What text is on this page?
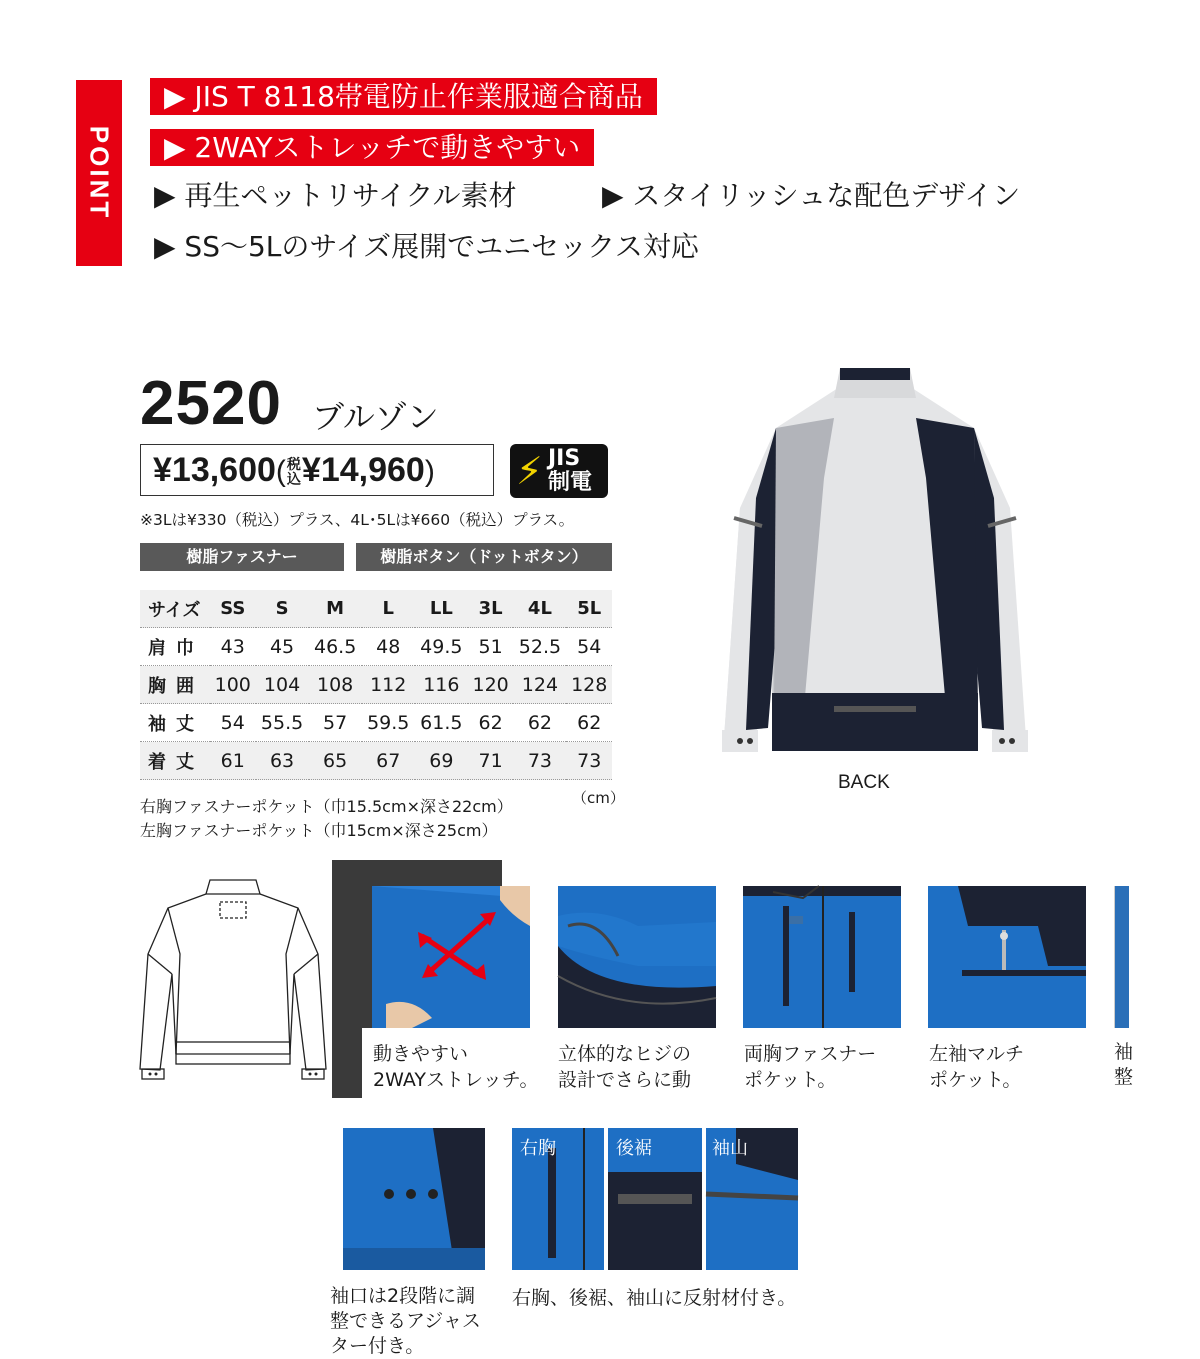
POINT
▶ JIS T 8118帯電防止作業服適合商品
▶ 2WAYストレッチで動きやすい
▶ 再生ペットリサイクル素材	▶ スタイリッシュな配色デザイン
▶ SS～5Lのサイズ展開でユニセックス対応
2520 ブルゾン
¥13,600(税
込¥14,960)	⚡ JIS
制電
※3Lは¥330（税込）プラス、4L･5Lは¥660（税込）プラス。
樹脂ファスナー	樹脂ボタン（ドットボタン）
サイズ	SS	S	M	L	LL	3L	4L	5L
肩巾	43	45	46.5	48	49.5	51	52.5	54
胸囲	100	104	108	112	116	120	124	128
袖丈	54	55.5	57	59.5	61.5	62	62	62
着丈	61	63	65	67	69	71	73	73
（cm）
右胸ファスナーポケット（巾15.5cm×深さ22cm）
左胸ファスナーポケット（巾15cm×深さ25cm）
BACK
動きやすい
2WAYストレッチ。
立体的なヒジの
設計でさらに動
両胸ファスナー
ポケット。
左袖マルチ
ポケット。
袖
整
袖口は2段階に調
整できるアジャス
ター付き。
右胸	後裾	袖山
右胸、後裾、袖山に反射材付き。
